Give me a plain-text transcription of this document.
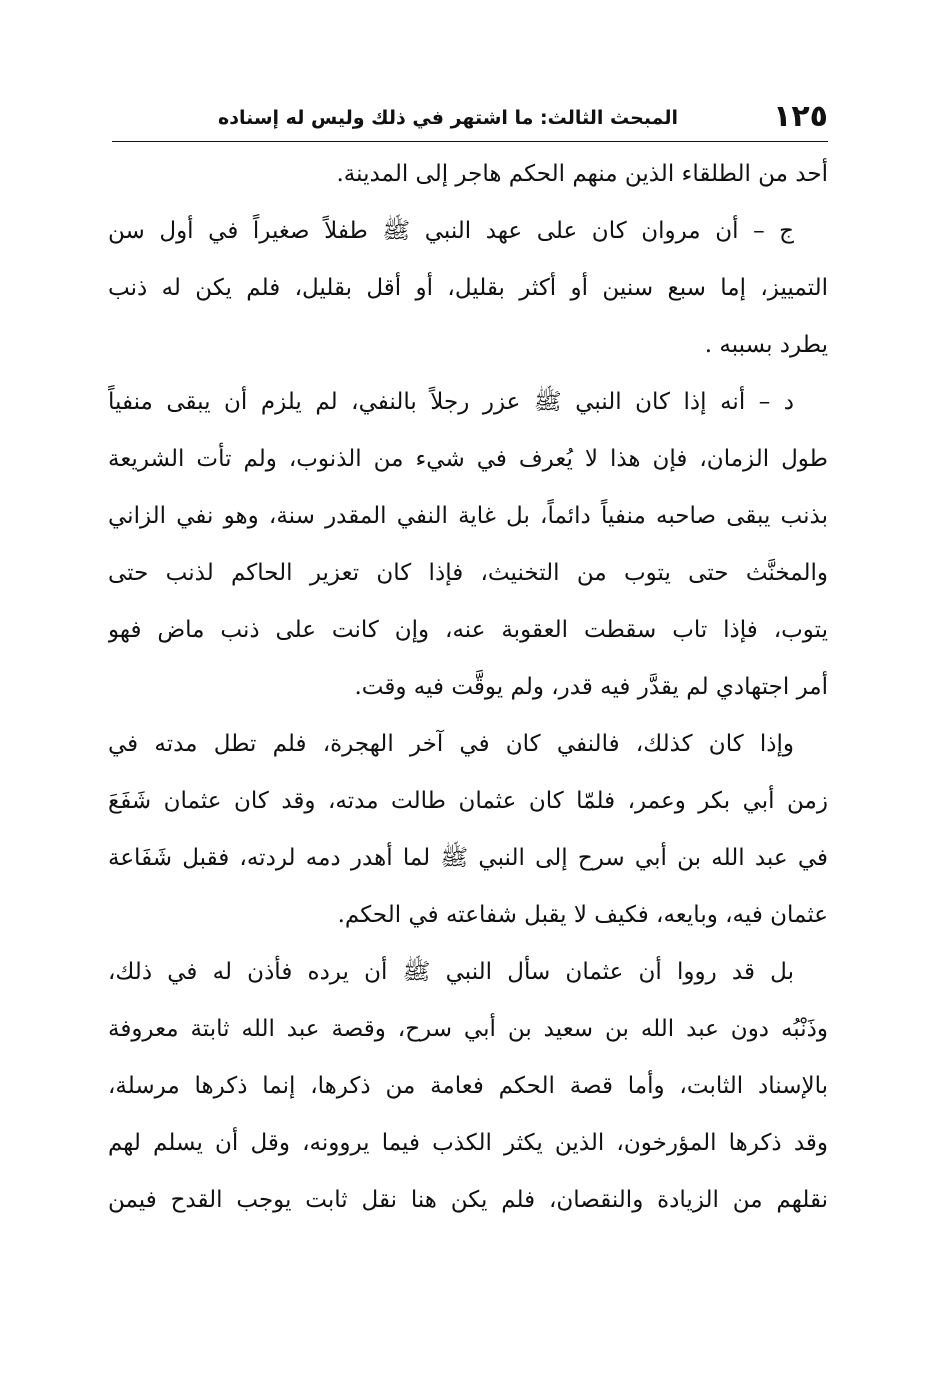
١٢٥
المبحث الثالث: ما اشتهر في ذلك وليس له إسناده
أحد من الطلقاء الذين منهم الحكم هاجر إلى المدينة.
ج – أن مروان كان على عهد النبي ﷺ طفلاً صغيراً في أول سن
التمييز، إما سبع سنين أو أكثر بقليل، أو أقل بقليل، فلم يكن له ذنب
يطرد بسببه .
د – أنه إذا كان النبي ﷺ عزر رجلاً بالنفي، لم يلزم أن يبقى منفياً
طول الزمان، فإن هذا لا يُعرف في شيء من الذنوب، ولم تأت الشريعة
بذنب يبقى صاحبه منفياً دائماً، بل غاية النفي المقدر سنة، وهو نفي الزاني
والمخنَّث حتى يتوب من التخنيث، فإذا كان تعزير الحاكم لذنب حتى
يتوب، فإذا تاب سقطت العقوبة عنه، وإن كانت على ذنب ماض فهو
أمر اجتهادي لم يقدَّر فيه قدر، ولم يوقَّت فيه وقت.
وإذا كان كذلك، فالنفي كان في آخر الهجرة، فلم تطل مدته في
زمن أبي بكر وعمر، فلمّا كان عثمان طالت مدته، وقد كان عثمان شَفَعَ
في عبد الله بن أبي سرح إلى النبي ﷺ لما أهدر دمه لردته، فقبل شَفَاعة
عثمان فيه، وبايعه، فكيف لا يقبل شفاعته في الحكم.
بل قد رووا أن عثمان سأل النبي ﷺ أن يرده فأذن له في ذلك،
وذَنْبُه دون عبد الله بن سعيد بن أبي سرح، وقصة عبد الله ثابتة معروفة
بالإسناد الثابت، وأما قصة الحكم فعامة من ذكرها، إنما ذكرها مرسلة،
وقد ذكرها المؤرخون، الذين يكثر الكذب فيما يروونه، وقل أن يسلم لهم
نقلهم من الزيادة والنقصان، فلم يكن هنا نقل ثابت يوجب القدح فيمن
